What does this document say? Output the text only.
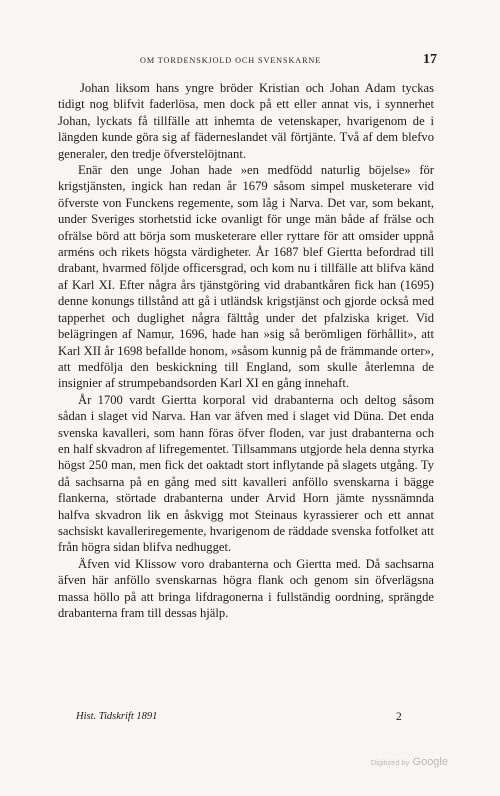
OM TORDENSKJOLD OCH SVENSKARNE	17

Johan liksom hans yngre bröder Kristian och Johan Adam tyckas tidigt nog blifvit faderlösa, men dock på ett eller annat vis, i synnerhet Johan, lyckats få tillfälle att inhemta de vetenskaper, hvarigenom de i längden kunde göra sig af fäderneslandet väl förtjänte. Två af dem blefvo generaler, den tredje öfverstelöjtnant.

Enär den unge Johan hade »en medfödd naturlig böjelse» för krigstjänsten, ingick han redan år 1679 såsom simpel musketerare vid öfverste von Funckens regemente, som låg i Narva. Det var, som bekant, under Sveriges storhetstid icke ovanligt för unge män både af frälse och ofrälse börd att börja som musketerare eller ryttare för att omsider uppnå arméns och rikets högsta värdigheter. År 1687 blef Giertta befordrad till drabant, hvarmed följde officersgrad, och kom nu i tillfälle att blifva känd af Karl XI. Efter några års tjänstgöring vid drabantkåren fick han (1695) denne konungs tillstånd att gå i utländsk krigstjänst och gjorde också med tapperhet och duglighet några fälttåg under det pfalziska kriget. Vid belägringen af Namur, 1696, hade han »sig så berömligen förhållit», att Karl XII år 1698 befallde honom, »såsom kunnig på de främmande orter», att medfölja den beskickning till England, som skulle återlemna de insignier af strumpebandsorden Karl XI en gång innehaft.

År 1700 vardt Giertta korporal vid drabanterna och deltog såsom sådan i slaget vid Narva. Han var äfven med i slaget vid Düna. Det enda svenska kavalleri, som hann föras öfver floden, var just drabanterna och en half skvadron af lifregementet. Tillsammans utgjorde hela denna styrka högst 250 man, men fick det oaktadt stort inflytande på slagets utgång. Ty då sachsarna på en gång med sitt kavalleri anföllo svenskarna i bägge flankerna, störtade drabanterna under Arvid Horn jämte nyssnämnda halfva skvadron lik en åskvigg mot Steinaus kyrassierer och ett annat sachsiskt kavalleriregemente, hvarigenom de räddade svenska fotfolket att från högra sidan blifva nedhugget.

Äfven vid Klissow voro drabanterna och Giertta med. Då sachsarna äfven här anföllo svenskarnas högra flank och genom sin öfverlägsna massa höllo på att bringa lifdragonerna i fullständig oordning, sprängde drabanterna fram till dessas hjälp.

Hist. Tidskrift 1891	2
Digitized by Google
